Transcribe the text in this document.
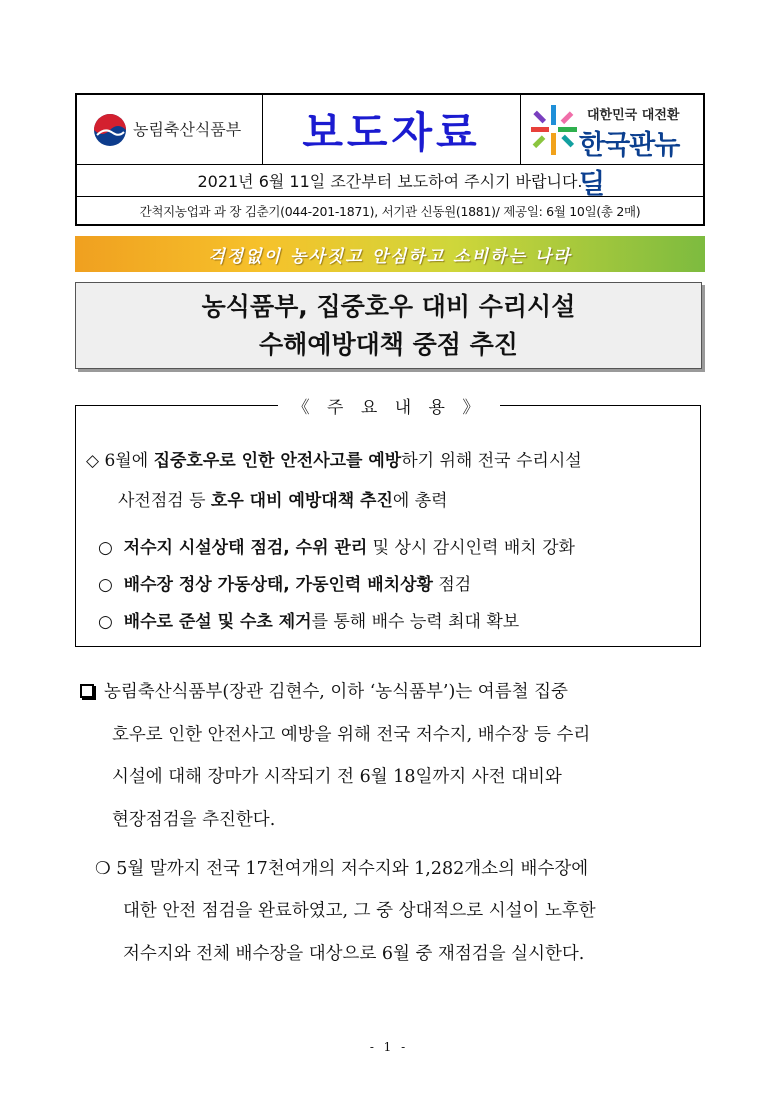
농림축산식품부	보도자료	대한민국 대전환
한국판뉴딜
2021년 6월 11일 조간부터 보도하여 주시기 바랍니다.
간척지농업과 과 장 김춘기(044-201-1871), 서기관 신동원(1881)/ 제공일: 6월 10일(총 2매)
걱정없이 농사짓고 안심하고 소비하는 나라
농식품부, 집중호우 대비 수리시설
수해예방대책 중점 추진
《 주 요 내 용 》
◇ 6월에 집중호우로 인한 안전사고를 예방하기 위해 전국 수리시설
사전점검 등 호우 대비 예방대책 추진에 총력
○ 저수지 시설상태 점검, 수위 관리 및 상시 감시인력 배치 강화
○ 배수장 정상 가동상태, 가동인력 배치상황 점검
○ 배수로 준설 및 수초 제거를 통해 배수 능력 최대 확보
농림축산식품부(장관 김현수, 이하 ‘농식품부’)는 여름철 집중
호우로 인한 안전사고 예방을 위해 전국 저수지, 배수장 등 수리
시설에 대해 장마가 시작되기 전 6월 18일까지 사전 대비와
현장점검을 추진한다.
❍ 5월 말까지 전국 17천여개의 저수지와 1,282개소의 배수장에
대한 안전 점검을 완료하였고, 그 중 상대적으로 시설이 노후한
저수지와 전체 배수장을 대상으로 6월 중 재점검을 실시한다.
- 1 -
